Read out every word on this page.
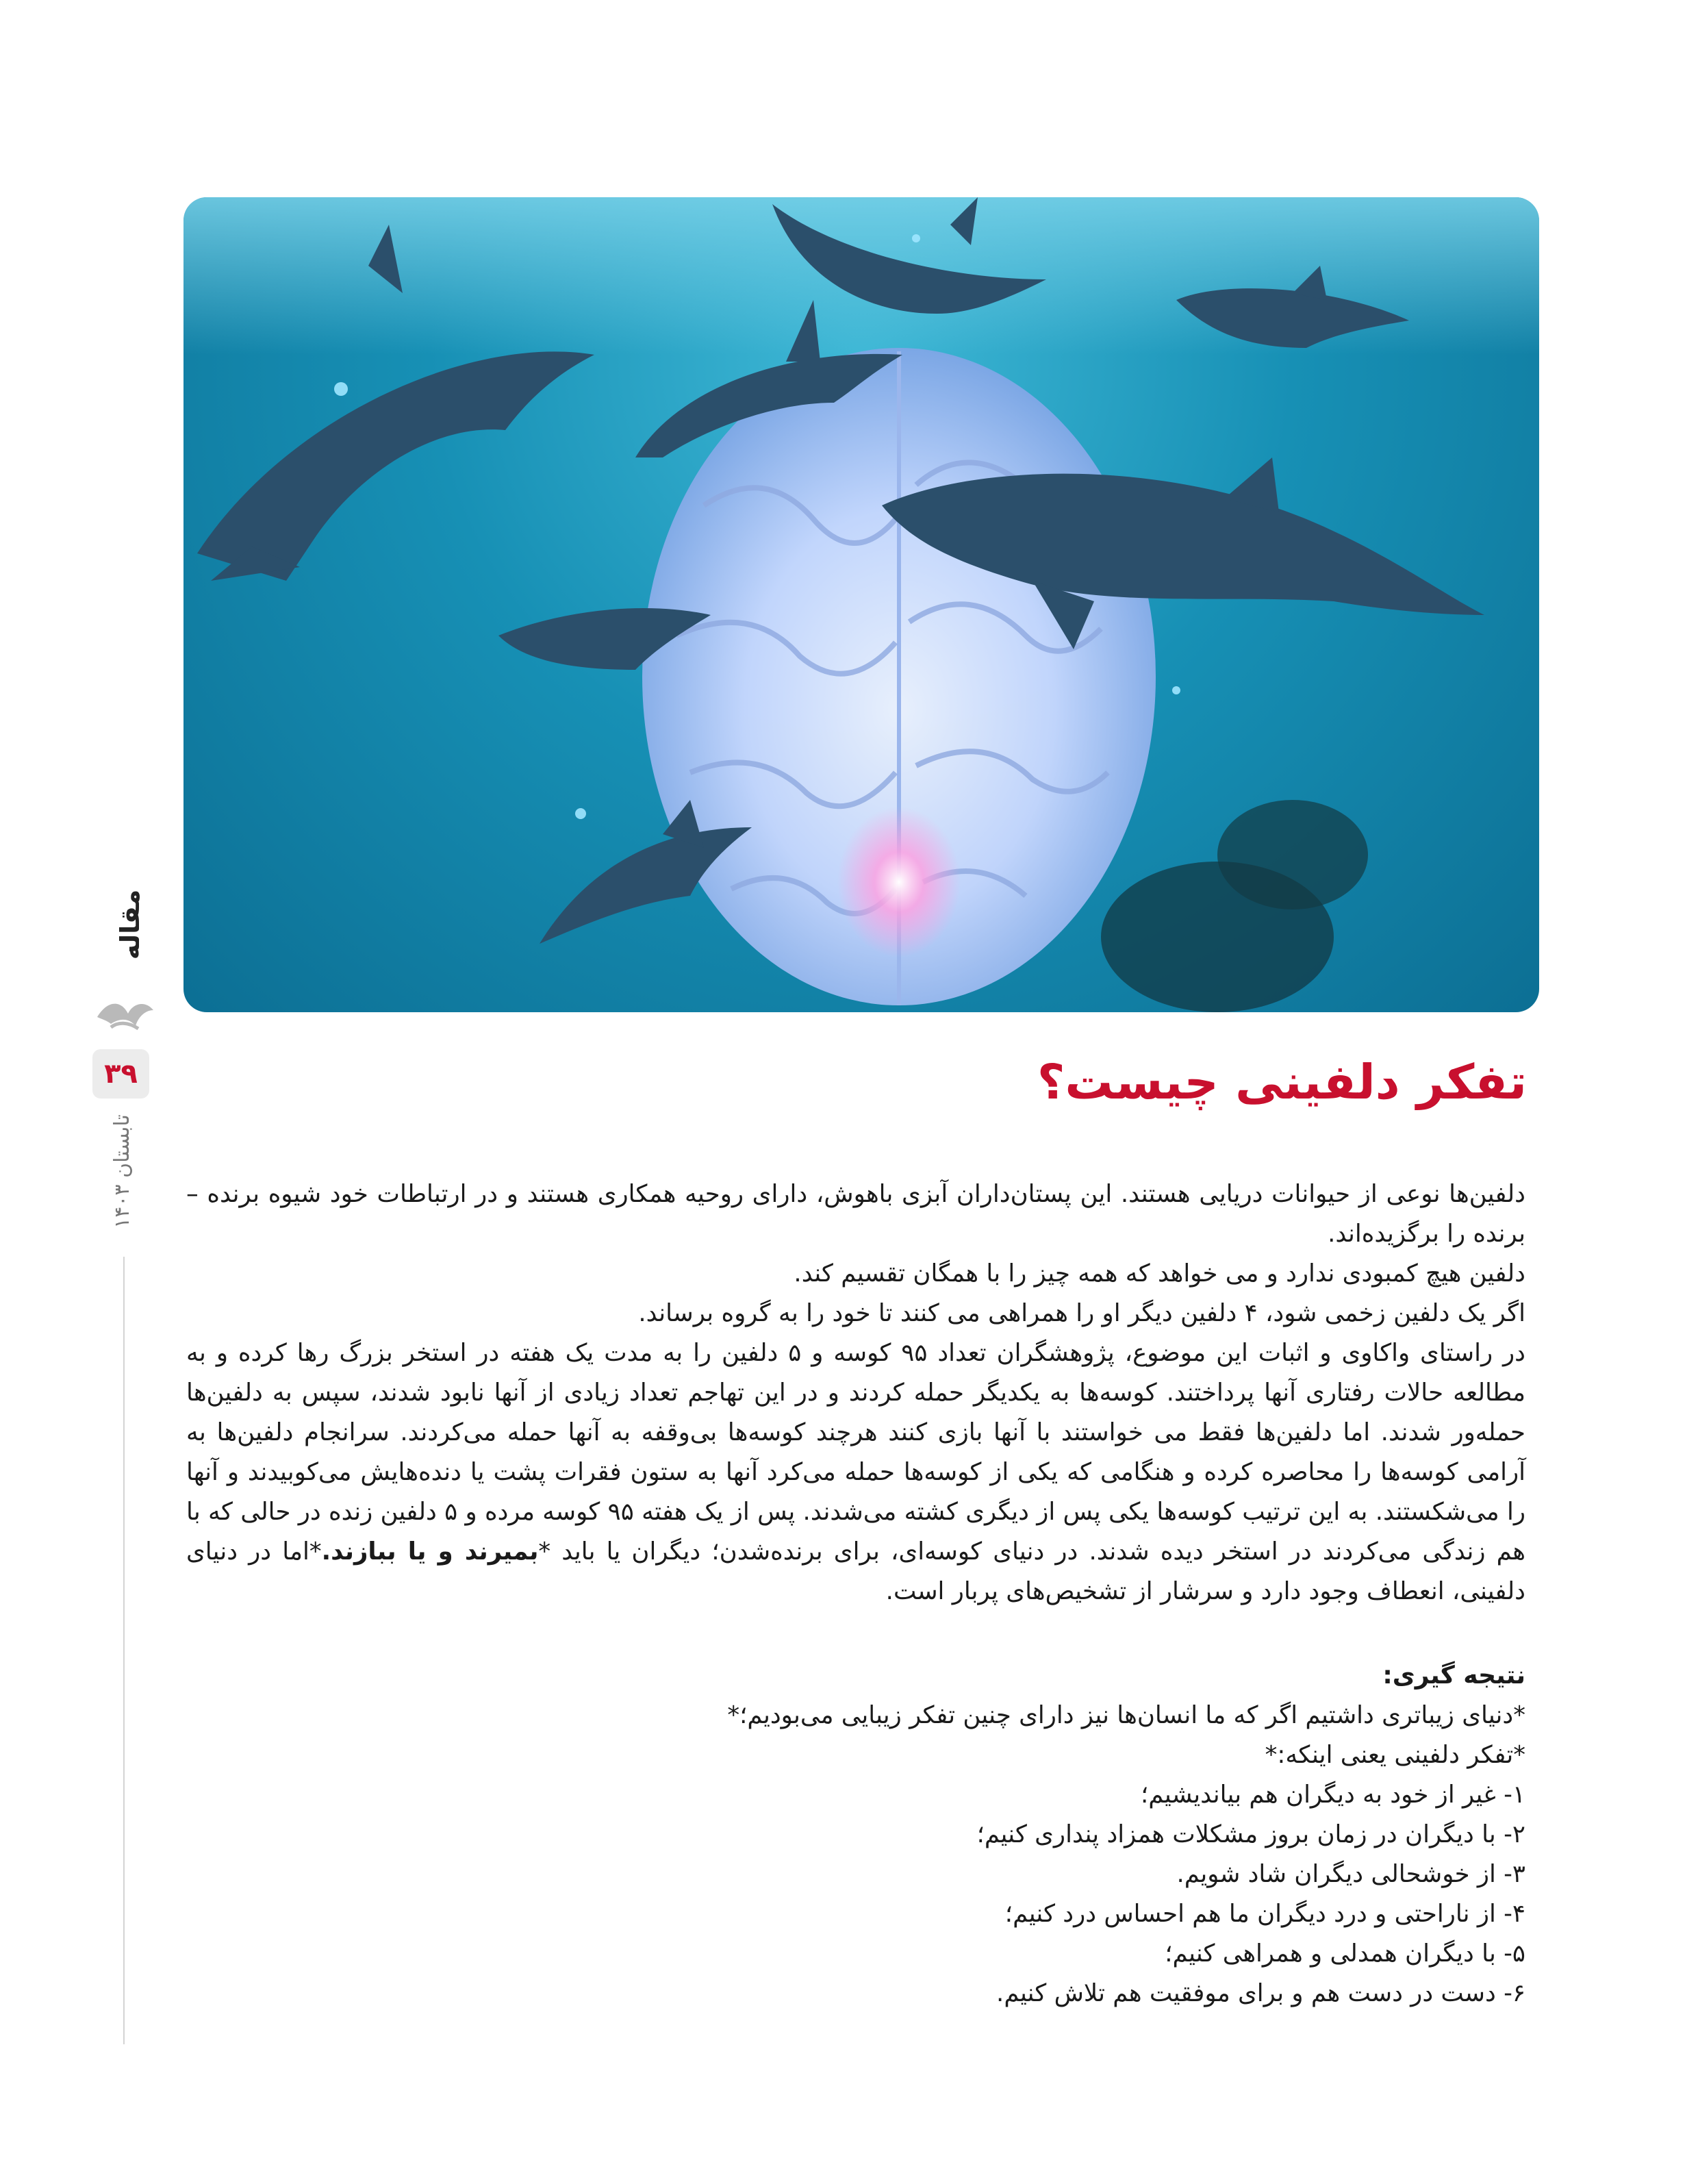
مقاله
۳۹
تابستان ۱۴۰۳
تفکر دلفینی چیست؟

دلفین‌ها نوعی از حیوانات دریایی هستند. این پستان‌داران آبزی باهوش، دارای روحیه همکاری هستند و در ارتباطات خود شیوه برنده – برنده را برگزیده‌اند.

دلفین هیچ کمبودی ندارد و می خواهد که همه چیز را با همگان تقسیم کند.

اگر یک دلفین زخمی شود، ۴ دلفین دیگر او را همراهی می کنند تا خود را به گروه برساند.

در راستای واکاوی و اثبات این موضوع، پژوهشگران تعداد ۹۵ کوسه و ۵ دلفین را به مدت یک هفته در استخر بزرگ رها کرده و به مطالعه حالات رفتاری آنها پرداختند. کوسه‌ها به یکدیگر حمله کردند و در این تهاجم تعداد زیادی از آنها نابود شدند، سپس به دلفین‌ها حمله‌ور شدند. اما دلفین‌ها فقط می خواستند با آنها بازی کنند هرچند کوسه‌ها بی‌وقفه به آنها حمله می‌کردند. سرانجام دلفین‌ها به آرامی کوسه‌ها را محاصره کرده و هنگامی که یکی از کوسه‌ها حمله می‌کرد آنها به ستون فقرات پشت یا دنده‌هایش می‌کوبیدند و آنها را می‌شکستند. به این ترتیب کوسه‌ها یکی پس از دیگری کشته می‌شدند. پس از یک هفته ۹۵ کوسه مرده و ۵ دلفین زنده در حالی که با هم زندگی می‌کردند در استخر دیده شدند. در دنیای کوسه‌ای، برای برنده‌شدن؛ دیگران یا باید *بمیرند و یا ببازند.*اما در دنیای دلفینی، انعطاف وجود دارد و سرشار از تشخیص‌های پربار است.

نتیجه گیری:

*دنیای زیباتری داشتیم اگر که ما انسان‌ها نیز دارای چنین تفکر زیبایی می‌بودیم؛*

*تفکر دلفینی یعنی اینکه:*

۱- غیر از خود به دیگران هم بیاندیشیم؛
۲- با دیگران در زمان بروز مشکلات همزاد پنداری کنیم؛
۳- از خوشحالی دیگران شاد شویم.
۴- از ناراحتی و درد دیگران ما هم احساس درد کنیم؛
۵- با دیگران همدلی و همراهی کنیم؛
۶- دست در دست هم و برای موفقیت هم تلاش کنیم.
